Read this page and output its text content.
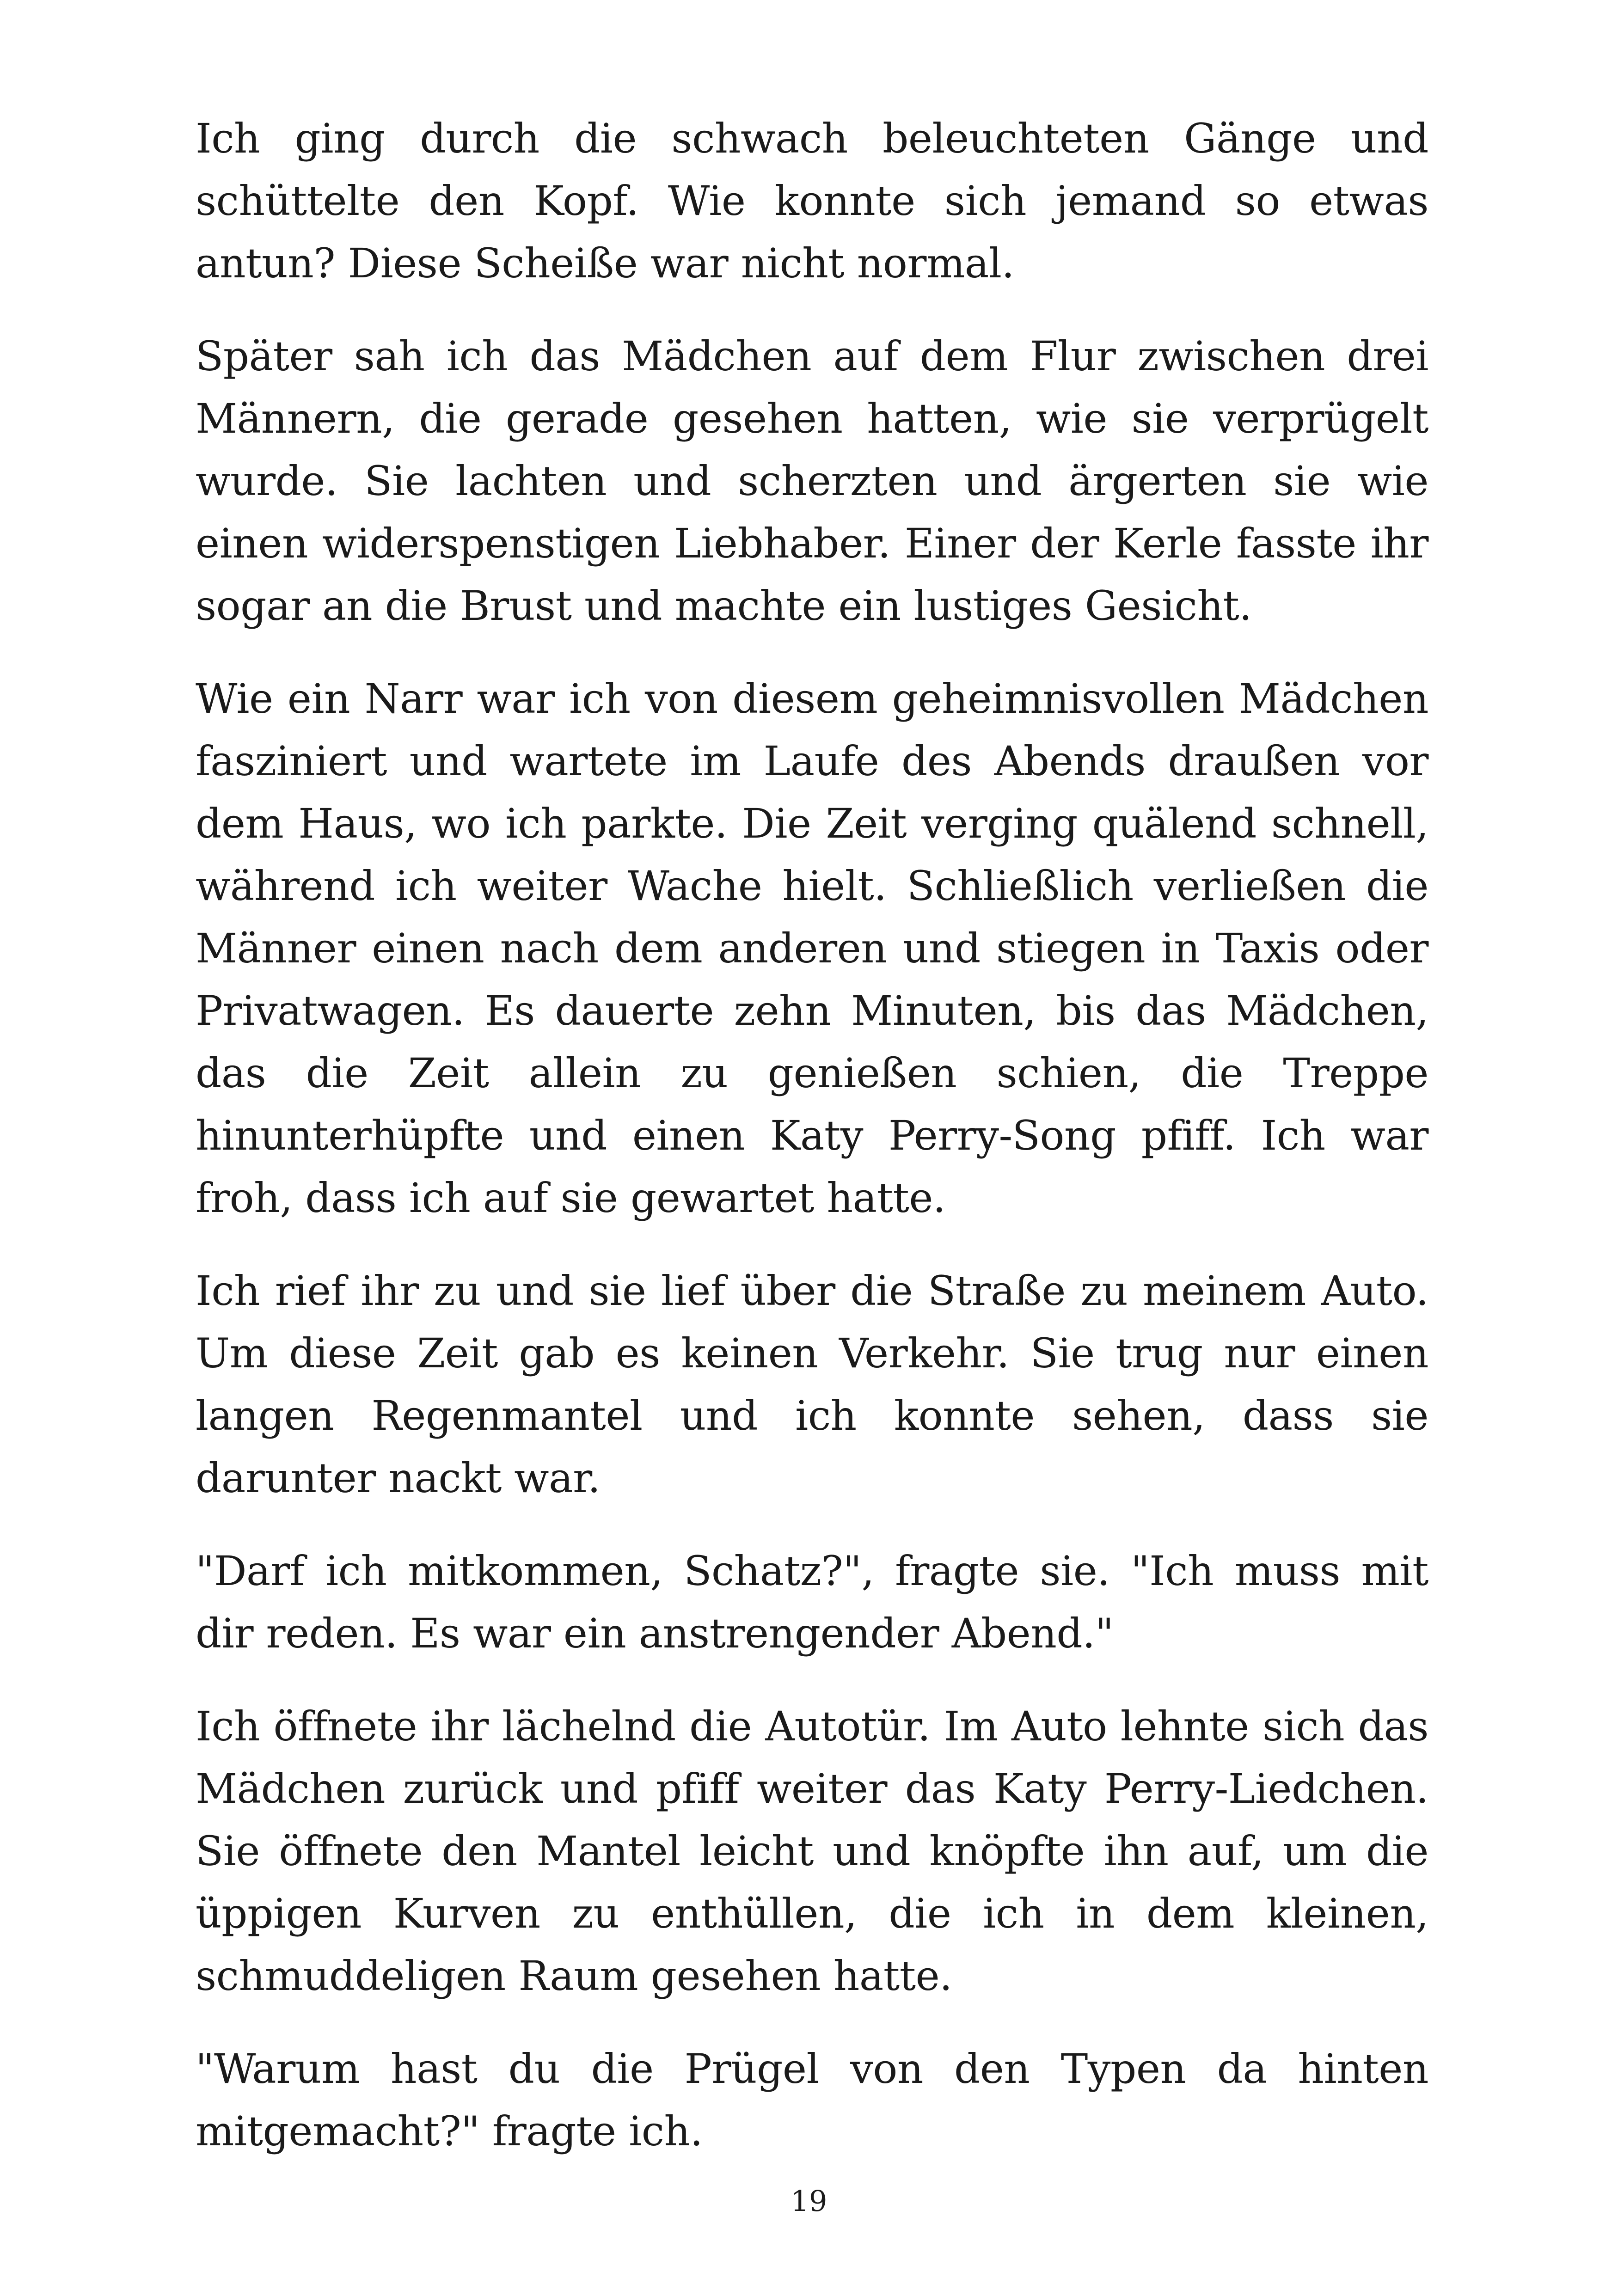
Ich ging durch die schwach beleuchteten Gänge und schüttelte den Kopf. Wie konnte sich jemand so etwas antun? Diese Scheiße war nicht normal.

Später sah ich das Mädchen auf dem Flur zwischen drei Männern, die gerade gesehen hatten, wie sie verprügelt wurde. Sie lachten und scherzten und ärgerten sie wie einen widerspenstigen Liebhaber. Einer der Kerle fasste ihr sogar an die Brust und machte ein lustiges Gesicht.

Wie ein Narr war ich von diesem geheimnisvollen Mädchen fasziniert und wartete im Laufe des Abends draußen vor dem Haus, wo ich parkte. Die Zeit verging quälend schnell, während ich weiter Wache hielt. Schließlich verließen die Männer einen nach dem anderen und stiegen in Taxis oder Privatwagen. Es dauerte zehn Minuten, bis das Mädchen, das die Zeit allein zu genießen schien, die Treppe hinunterhüpfte und einen Katy Perry-Song pfiff. Ich war froh, dass ich auf sie gewartet hatte.

Ich rief ihr zu und sie lief über die Straße zu meinem Auto. Um diese Zeit gab es keinen Verkehr. Sie trug nur einen langen Regenmantel und ich konnte sehen, dass sie darunter nackt war.

"Darf ich mitkommen, Schatz?", fragte sie. "Ich muss mit dir reden. Es war ein anstrengender Abend."

Ich öffnete ihr lächelnd die Autotür. Im Auto lehnte sich das Mädchen zurück und pfiff weiter das Katy Perry-Liedchen. Sie öffnete den Mantel leicht und knöpfte ihn auf, um die üppigen Kurven zu enthüllen, die ich in dem kleinen, schmuddeligen Raum gesehen hatte.

"Warum hast du die Prügel von den Typen da hinten mitgemacht?" fragte ich.

19
